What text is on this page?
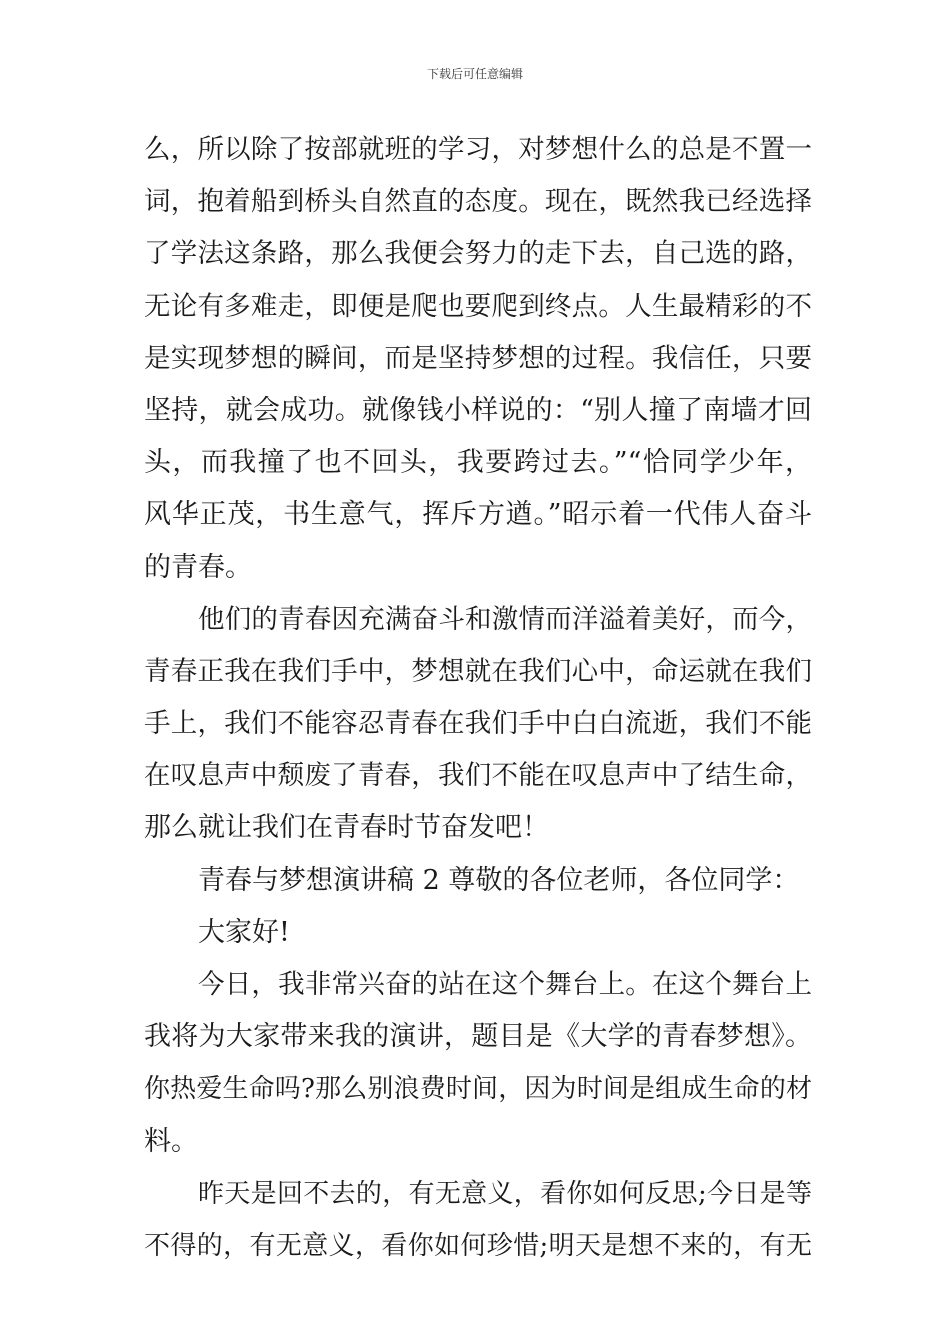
下载后可任意编辑
么，所以除了按部就班的学习，对梦想什么的总是不置一
词，抱着船到桥头自然直的态度。现在，既然我已经选择
了学法这条路，那么我便会努力的走下去，自己选的路，
无论有多难走，即便是爬也要爬到终点。人生最精彩的不
是实现梦想的瞬间，而是坚持梦想的过程。我信任，只要
坚持，就会成功。就像钱小样说的：“别人撞了南墙才回
头，而我撞了也不回头，我要跨过去。”“恰同学少年，
风华正茂，书生意气，挥斥方遒。”昭示着一代伟人奋斗
的青春。
他们的青春因充满奋斗和激情而洋溢着美好，而今，
青春正我在我们手中，梦想就在我们心中，命运就在我们
手上，我们不能容忍青春在我们手中白白流逝，我们不能
在叹息声中颓废了青春，我们不能在叹息声中了结生命，
那么就让我们在青春时节奋发吧！
青春与梦想演讲稿 2 尊敬的各位老师，各位同学：
大家好!
今日，我非常兴奋的站在这个舞台上。在这个舞台上
我将为大家带来我的演讲，题目是《大学的青春梦想》。
你热爱生命吗?那么别浪费时间，因为时间是组成生命的材
料。
昨天是回不去的，有无意义，看你如何反思;今日是等
不得的，有无意义，看你如何珍惜;明天是想不来的，有无
